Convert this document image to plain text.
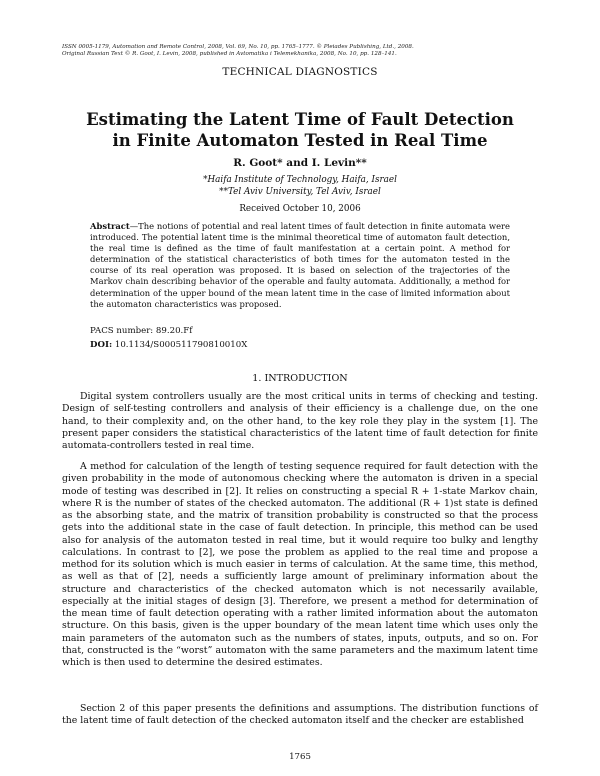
ISSN 0005-1179, Automation and Remote Control, 2008, Vol. 69, No. 10, pp. 1765–1777. © Pleiades Publishing, Ltd., 2008.
Original Russian Text © R. Goot, I. Levin, 2008, published in Avtomatika i Telemekhanika, 2008, No. 10, pp. 128–141.
TECHNICAL DIAGNOSTICS
Estimating the Latent Time of Fault Detection
in Finite Automaton Tested in Real Time
R. Goot* and I. Levin**
*Haifa Institute of Technology, Haifa, Israel
**Tel Aviv University, Tel Aviv, Israel
Received October 10, 2006

Abstract—The notions of potential and real latent times of fault detection in finite automata were introduced. The potential latent time is the minimal theoretical time of automaton fault detection, the real time is defined as the time of fault manifestation at a certain point. A method for determination of the statistical characteristics of both times for the automaton tested in the course of its real operation was proposed. It is based on selection of the trajectories of the Markov chain describing behavior of the operable and faulty automata. Additionally, a method for determination of the upper bound of the mean latent time in the case of limited information about the automaton characteristics was proposed.

PACS number: 89.20.Ff
DOI: 10.1134/S000511790810010X
1. INTRODUCTION

Digital system controllers usually are the most critical units in terms of checking and testing. Design of self-testing controllers and analysis of their efficiency is a challenge due, on the one hand, to their complexity and, on the other hand, to the key role they play in the system [1]. The present paper considers the statistical characteristics of the latent time of fault detection for finite automata-controllers tested in real time.

A method for calculation of the length of testing sequence required for fault detection with the given probability in the mode of autonomous checking where the automaton is driven in a special mode of testing was described in [2]. It relies on constructing a special R + 1-state Markov chain, where R is the number of states of the checked automaton. The additional (R + 1)st state is defined as the absorbing state, and the matrix of transition probability is constructed so that the process gets into the additional state in the case of fault detection. In principle, this method can be used also for analysis of the automaton tested in real time, but it would require too bulky and lengthy calculations. In contrast to [2], we pose the problem as applied to the real time and propose a method for its solution which is much easier in terms of calculation. At the same time, this method, as well as that of [2], needs a sufficiently large amount of preliminary information about the structure and characteristics of the checked automaton which is not necessarily available, especially at the initial stages of design [3]. Therefore, we present a method for determination of the mean time of fault detection operating with a rather limited information about the automaton structure. On this basis, given is the upper boundary of the mean latent time which uses only the main parameters of the automaton such as the numbers of states, inputs, outputs, and so on. For that, constructed is the “worst” automaton with the same parameters and the maximum latent time which is then used to determine the desired estimates.

Section 2 of this paper presents the definitions and assumptions. The distribution functions of the latent time of fault detection of the checked automaton itself and the checker are established

1765
